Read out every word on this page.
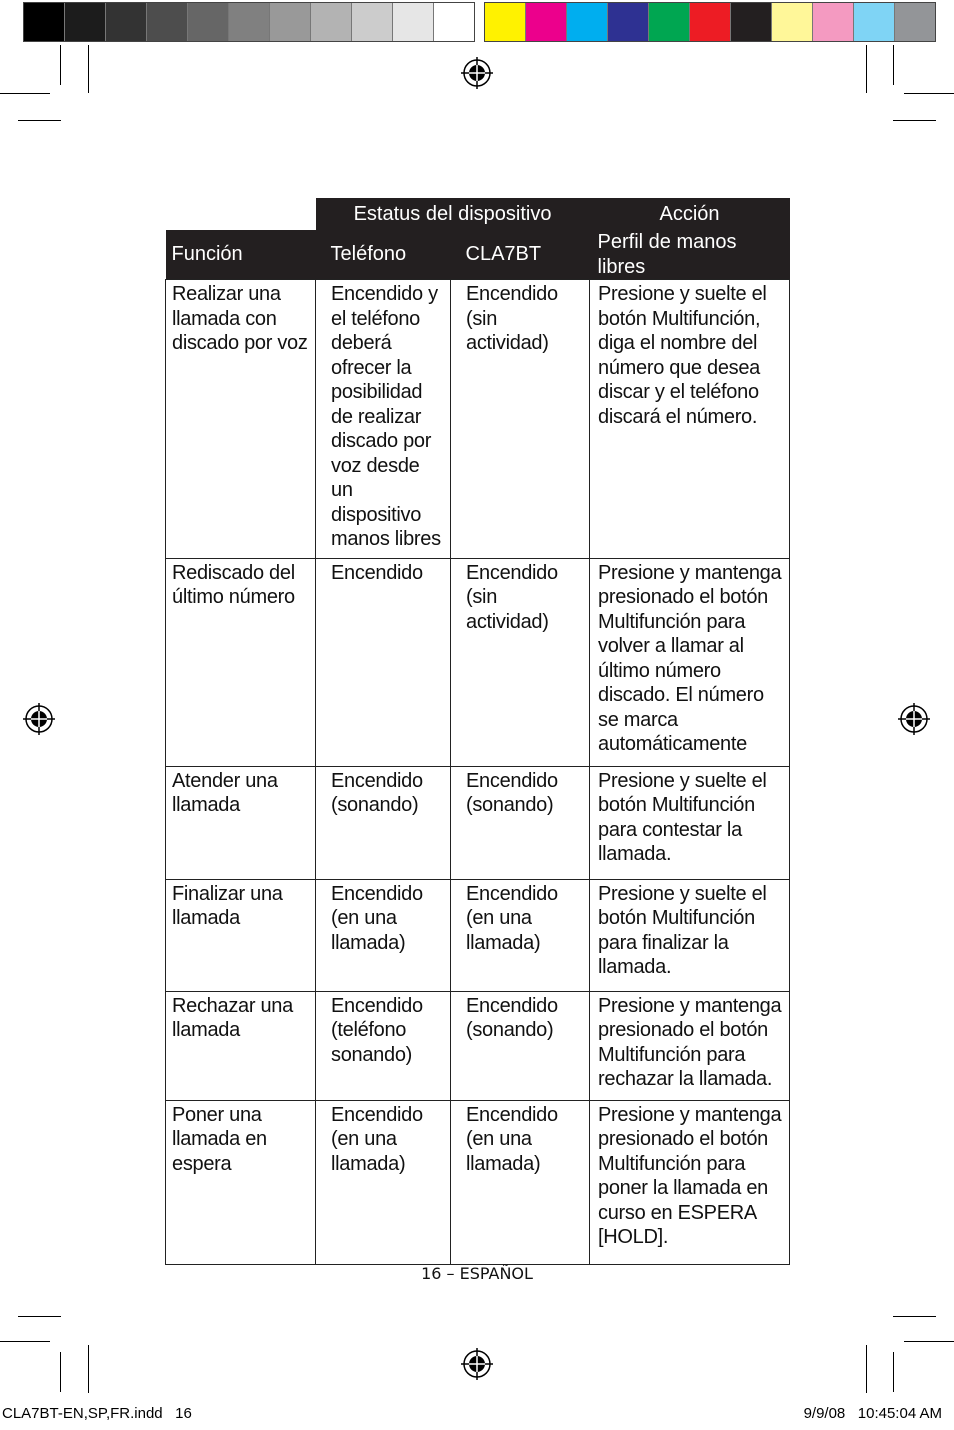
	Estatus del dispositivo		Acción
Función	Teléfono	CLA7BT	Perfil de manos libres

Realizar una llamada con discado por voz	Encendido y el teléfono deberá ofrecer la posibilidad de realizar discado por voz desde un dispositivo manos libres	Encendido (sin actividad)	Presione y suelte el botón Multifunción, diga el nombre del número que desea discar y el teléfono discará el número.

Rediscado del último número	Encendido	Encendido (sin actividad)	Presione y mantenga presionado el botón Multifunción para volver a llamar al último número discado. El número se marca automáticamente

Atender una llamada	Encendido (sonando)	Encendido (sonando)	Presione y suelte el botón Multifunción para contestar la llamada.

Finalizar una llamada	Encendido (en una llamada)	Encendido (en una llamada)	Presione y suelte el botón Multifunción para finalizar la llamada.

Rechazar una llamada	Encendido (teléfono sonando)	Encendido (sonando)	Presione y mantenga presionado el botón Multifunción para rechazar la llamada.

Poner una llamada en espera	Encendido (en una llamada)	Encendido (en una llamada)	Presione y mantenga presionado el botón Multifunción para poner la llamada en curso en ESPERA [HOLD].
16 – ESPAÑOL
CLA7BT-EN,SP,FR.indd   16	9/9/08   10:45:04 AM
